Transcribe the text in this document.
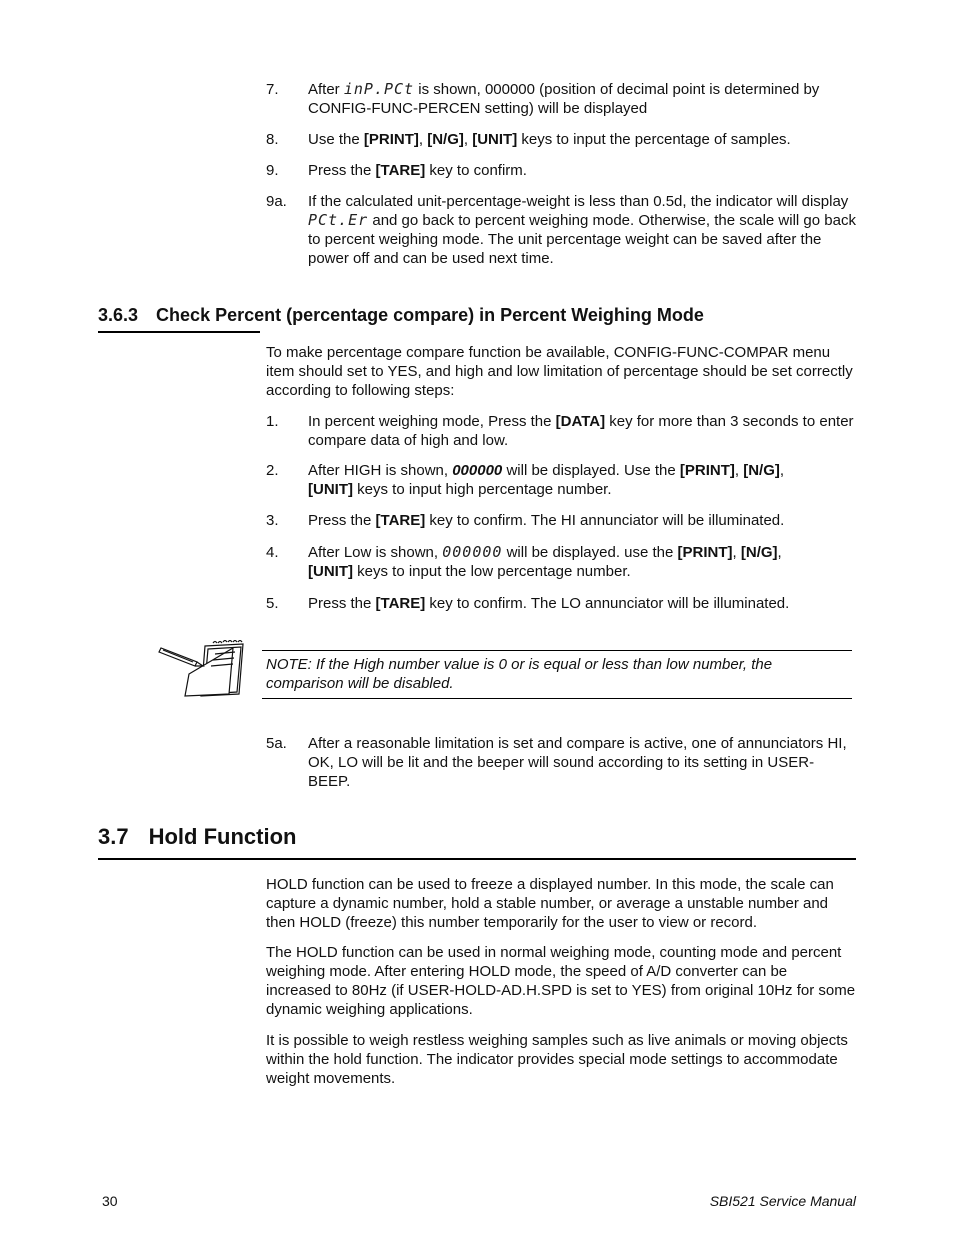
7. After inP.PCt is shown, 000000 (position of decimal point is determined by CONFIG-FUNC-PERCEN setting) will be displayed
8. Use the [PRINT], [N/G], [UNIT] keys to input the percentage of samples.
9. Press the [TARE] key to confirm.
9a. If the calculated unit-percentage-weight is less than 0.5d, the indicator will display PCt.Er and go back to percent weighing mode. Otherwise, the scale will go back to percent weighing mode. The unit percentage weight can be saved after the power off and can be used next time.
3.6.3 Check Percent (percentage compare) in Percent Weighing Mode
To make percentage compare function be available, CONFIG-FUNC-COMPAR menu item should set to YES, and high and low limitation of percentage should be set correctly according to following steps:
1. In percent weighing mode, Press the [DATA] key for more than 3 seconds to enter compare data of high and low.
2. After HIGH is shown, 000000 will be displayed. Use the [PRINT], [N/G],
[UNIT] keys to input high percentage number.
3. Press the [TARE] key to confirm. The HI annunciator will be illuminated.
4. After Low is shown, 000000 will be displayed. use the [PRINT], [N/G],
[UNIT] keys to input the low percentage number.
5. Press the [TARE] key to confirm. The LO annunciator will be illuminated.
NOTE: If the High number value is 0 or is equal or less than low number, the comparison will be disabled.
5a. After a reasonable limitation is set and compare is active, one of annunciators HI, OK, LO will be lit and the beeper will sound according to its setting in USER-BEEP.
3.7 Hold Function
HOLD function can be used to freeze a displayed number. In this mode, the scale can capture a dynamic number, hold a stable number, or average a unstable number and then HOLD (freeze) this number temporarily for the user to view or record.
The HOLD function can be used in normal weighing mode, counting mode and percent weighing mode. After entering HOLD mode, the speed of A/D converter can be increased to 80Hz (if USER-HOLD-AD.H.SPD is set to YES) from original 10Hz for some dynamic weighing applications.
It is possible to weigh restless weighing samples such as live animals or moving objects within the hold function. The indicator provides special mode settings to accommodate weight movements.
30	SBI521 Service Manual
